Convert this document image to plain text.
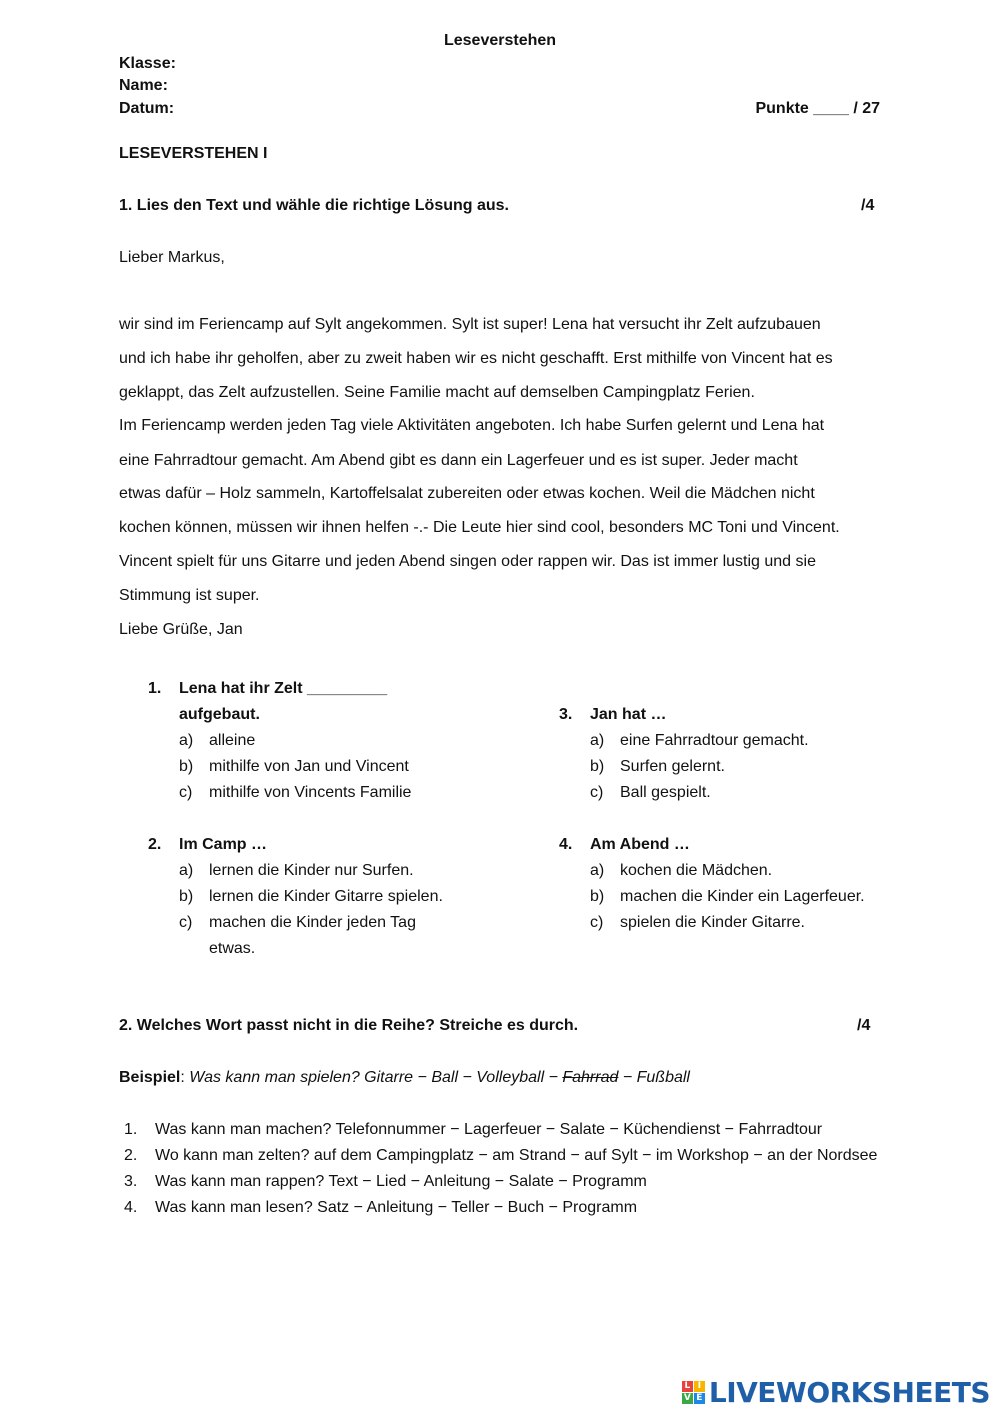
Leseverstehen
Klasse:
Name:
Datum:	Punkte ____ / 27
LESEVERSTEHEN I
1. Lies den Text und wähle die richtige Lösung aus.	/4
Lieber Markus,
wir sind im Feriencamp auf Sylt angekommen. Sylt ist super! Lena hat versucht ihr Zelt aufzubauen
und ich habe ihr geholfen, aber zu zweit haben wir es nicht geschafft. Erst mithilfe von Vincent hat es
geklappt, das Zelt aufzustellen. Seine Familie macht auf demselben Campingplatz Ferien.
Im Feriencamp werden jeden Tag viele Aktivitäten angeboten. Ich habe Surfen gelernt und Lena hat
eine Fahrradtour gemacht. Am Abend gibt es dann ein Lagerfeuer und es ist super. Jeder macht
etwas dafür – Holz sammeln, Kartoffelsalat zubereiten oder etwas kochen. Weil die Mädchen nicht
kochen können, müssen wir ihnen helfen -.- Die Leute hier sind cool, besonders MC Toni und Vincent.
Vincent spielt für uns Gitarre und jeden Abend singen oder rappen wir. Das ist immer lustig und sie
Stimmung ist super.
Liebe Grüße, Jan
1. Lena hat ihr Zelt _________
aufgebaut.
a) alleine
b) mithilfe von Jan und Vincent
c) mithilfe von Vincents Familie
2. Im Camp …
a) lernen die Kinder nur Surfen.
b) lernen die Kinder Gitarre spielen.
c) machen die Kinder jeden Tag
etwas.
3. Jan hat …
a) eine Fahrradtour gemacht.
b) Surfen gelernt.
c) Ball gespielt.
4. Am Abend …
a) kochen die Mädchen.
b) machen die Kinder ein Lagerfeuer.
c) spielen die Kinder Gitarre.
2. Welches Wort passt nicht in die Reihe? Streiche es durch.	/4
Beispiel: Was kann man spielen? Gitarre − Ball − Volleyball − Fahrrad − Fußball
1. Was kann man machen? Telefonnummer − Lagerfeuer − Salate − Küchendienst − Fahrradtour
2. Wo kann man zelten? auf dem Campingplatz − am Strand − auf Sylt − im Workshop − an der Nordsee
3. Was kann man rappen? Text − Lied − Anleitung − Salate − Programm
4. Was kann man lesen? Satz − Anleitung − Teller − Buch − Programm
L I
V E LIVEWORKSHEETS
